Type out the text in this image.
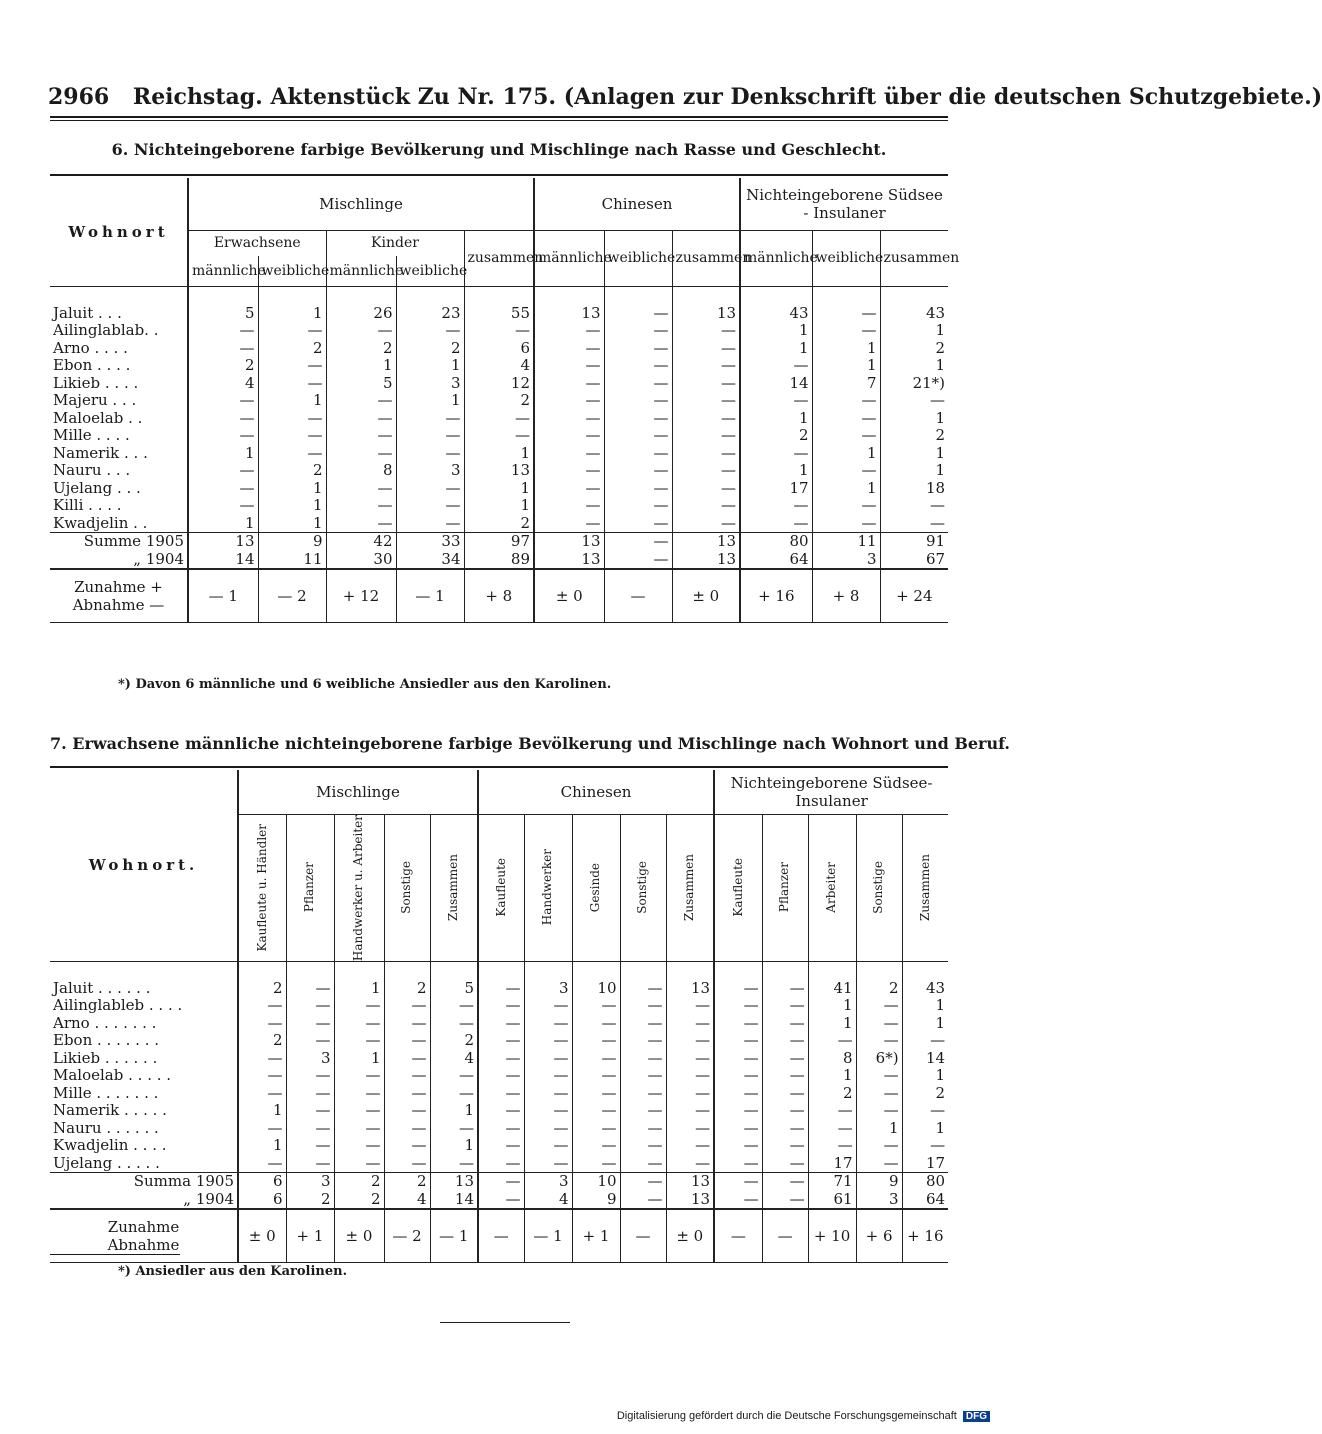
2966 Reichstag. Aktenstück Zu Nr. 175. (Anlagen zur Denkschrift über die deutschen Schutzgebiete.)
6. Nichteingeborene farbige Bevölkerung und Mischlinge nach Rasse und Geschlecht.
Wohnort	Mischlinge					Chinesen			Nichteingeborene Südsee - Insulaner		
	Erwachsene		Kinder		zusammen	männliche	weibliche	zusammen	männliche	weibliche	zusammen
	männliche	weibliche	männliche	weibliche							
Jaluit . . .	5	1	26	23	55	13	—	13	43	—	43
Ailinglablab. .	—	—	—	—	—	—	—	—	1	—	1
Arno . . . .	—	2	2	2	6	—	—	—	1	1	2
Ebon . . . .	2	—	1	1	4	—	—	—	—	1	1
Likieb . . . .	4	—	5	3	12	—	—	—	14	7	21*)
Majeru . . .	—	1	—	1	2	—	—	—	—	—	—
Maloelab . .	—	—	—	—	—	—	—	—	1	—	1
Mille . . . .	—	—	—	—	—	—	—	—	2	—	2
Namerik . . .	1	—	—	—	1	—	—	—	—	1	1
Nauru . . .	—	2	8	3	13	—	—	—	1	—	1
Ujelang . . .	—	1	—	—	1	—	—	—	17	1	18
Killi . . . .	—	1	—	—	1	—	—	—	—	—	—
Kwadjelin . .	1	1	—	—	2	—	—	—	—	—	—
Summe 1905	13	9	42	33	97	13	—	13	80	11	91
„ 1904	14	11	30	34	89	13	—	13	64	3	67

Zunahme +
Abnahme —	— 1	— 2	+ 12	— 1	+ 8	± 0	—	± 0	+ 16	+ 8	+ 24
*) Davon 6 männliche und 6 weibliche Ansiedler aus den Karolinen.
7. Erwachsene männliche nichteingeborene farbige Bevölkerung und Mischlinge nach Wohnort und Beruf.
Wohnort.	Mischlinge					Chinesen					Nichteingeborene Südsee-Insulaner				

	Kaufleute u. Händler	Pflanzer	Handwerker u. Arbeiter	Sonstige	Zusammen	Kaufleute	Handwerker	Gesinde	Sonstige	Zusammen	Kaufleute	Pflanzer	Arbeiter	Sonstige	Zusammen

Jaluit . . . . . .	2	—	1	2	5	—	3	10	—	13	—	—	41	2	43
Ailinglableb . . . .	—	—	—	—	—	—	—	—	—	—	—	—	1	—	1
Arno . . . . . . .	—	—	—	—	—	—	—	—	—	—	—	—	1	—	1
Ebon . . . . . . .	2	—	—	—	2	—	—	—	—	—	—	—	—	—	—
Likieb . . . . . .	—	3	1	—	4	—	—	—	—	—	—	—	8	6*)	14
Maloelab . . . . .	—	—	—	—	—	—	—	—	—	—	—	—	1	—	1
Mille . . . . . . .	—	—	—	—	—	—	—	—	—	—	—	—	2	—	2
Namerik . . . . .	1	—	—	—	1	—	—	—	—	—	—	—	—	—	—
Nauru . . . . . .	—	—	—	—	—	—	—	—	—	—	—	—	—	1	1
Kwadjelin . . . .	1	—	—	—	1	—	—	—	—	—	—	—	—	—	—
Ujelang . . . . .	—	—	—	—	—	—	—	—	—	—	—	—	17	—	17
Summa 1905	6	3	2	2	13	—	3	10	—	13	—	—	71	9	80
„ 1904	6	2	2	4	14	—	4	9	—	13	—	—	61	3	64

Zunahme
Abnahme	± 0	+ 1	± 0	— 2	— 1	—	— 1	+ 1	—	± 0	—	—	+ 10	+ 6	+ 16
*) Ansiedler aus den Karolinen.
Digitalisierung gefördert durch die Deutsche Forschungsgemeinschaft DFG
